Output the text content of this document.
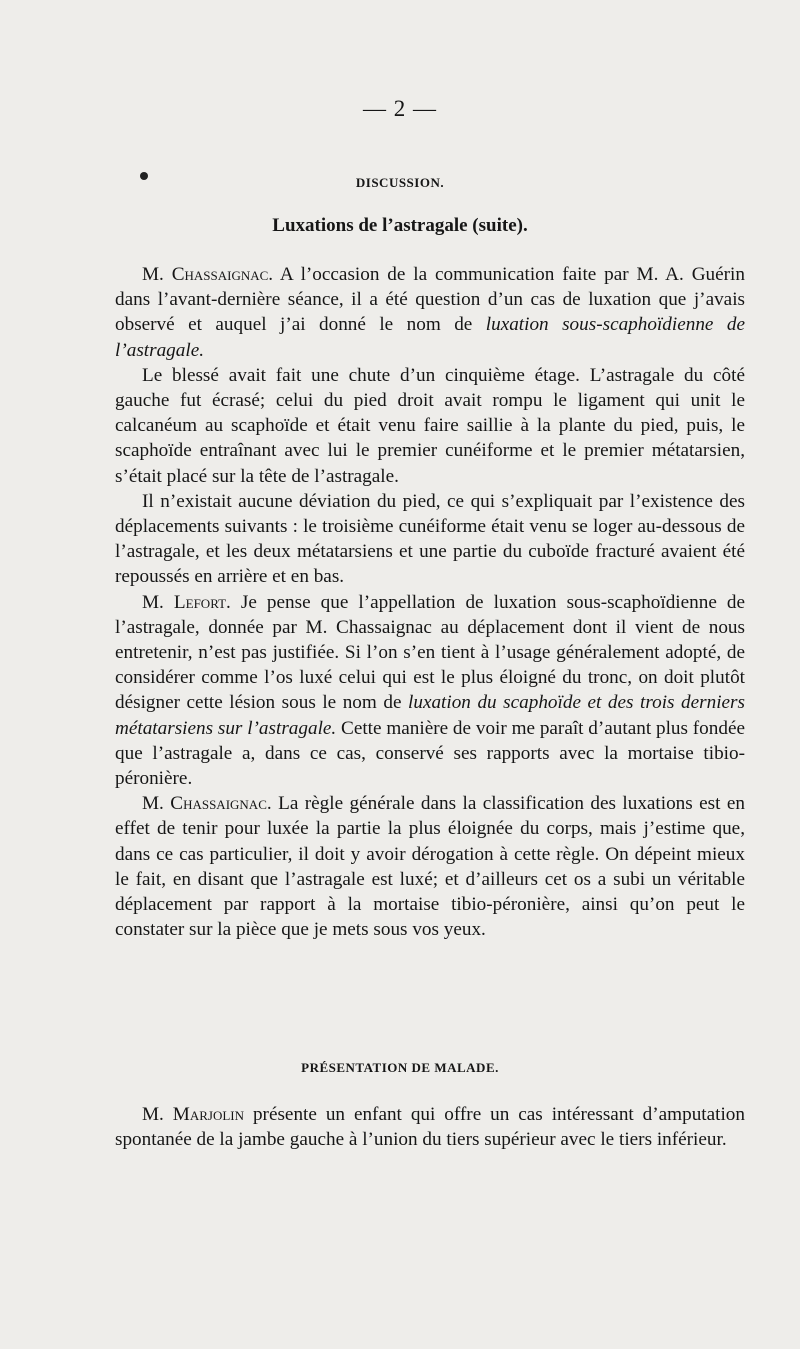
— 2 —
DISCUSSION.
Luxations de l’astragale (suite).

M. Chassaignac. A l’occasion de la communication faite par M. A. Guérin dans l’avant-dernière séance, il a été question d’un cas de luxation que j’avais observé et auquel j’ai donné le nom de luxation sous-scaphoïdienne de l’astragale.

Le blessé avait fait une chute d’un cinquième étage. L’astragale du côté gauche fut écrasé; celui du pied droit avait rompu le ligament qui unit le calcanéum au scaphoïde et était venu faire saillie à la plante du pied, puis, le scaphoïde entraînant avec lui le premier cunéiforme et le premier métatarsien, s’était placé sur la tête de l’astragale.

Il n’existait aucune déviation du pied, ce qui s’expliquait par l’existence des déplacements suivants : le troisième cunéiforme était venu se loger au-dessous de l’astragale, et les deux métatarsiens et une partie du cuboïde fracturé avaient été repoussés en arrière et en bas.

M. Lefort. Je pense que l’appellation de luxation sous-scaphoïdienne de l’astragale, donnée par M. Chassaignac au déplacement dont il vient de nous entretenir, n’est pas justifiée. Si l’on s’en tient à l’usage généralement adopté, de considérer comme l’os luxé celui qui est le plus éloigné du tronc, on doit plutôt désigner cette lésion sous le nom de luxation du scaphoïde et des trois derniers métatarsiens sur l’astragale. Cette manière de voir me paraît d’autant plus fondée que l’astragale a, dans ce cas, conservé ses rapports avec la mortaise tibio-péronière.

M. Chassaignac. La règle générale dans la classification des luxations est en effet de tenir pour luxée la partie la plus éloignée du corps, mais j’estime que, dans ce cas particulier, il doit y avoir dérogation à cette règle. On dépeint mieux le fait, en disant que l’astragale est luxé; et d’ailleurs cet os a subi un véritable déplacement par rapport à la mortaise tibio-péronière, ainsi qu’on peut le constater sur la pièce que je mets sous vos yeux.

PRÉSENTATION DE MALADE.

M. Marjolin présente un enfant qui offre un cas intéressant d’amputation spontanée de la jambe gauche à l’union du tiers supérieur avec le tiers inférieur.
